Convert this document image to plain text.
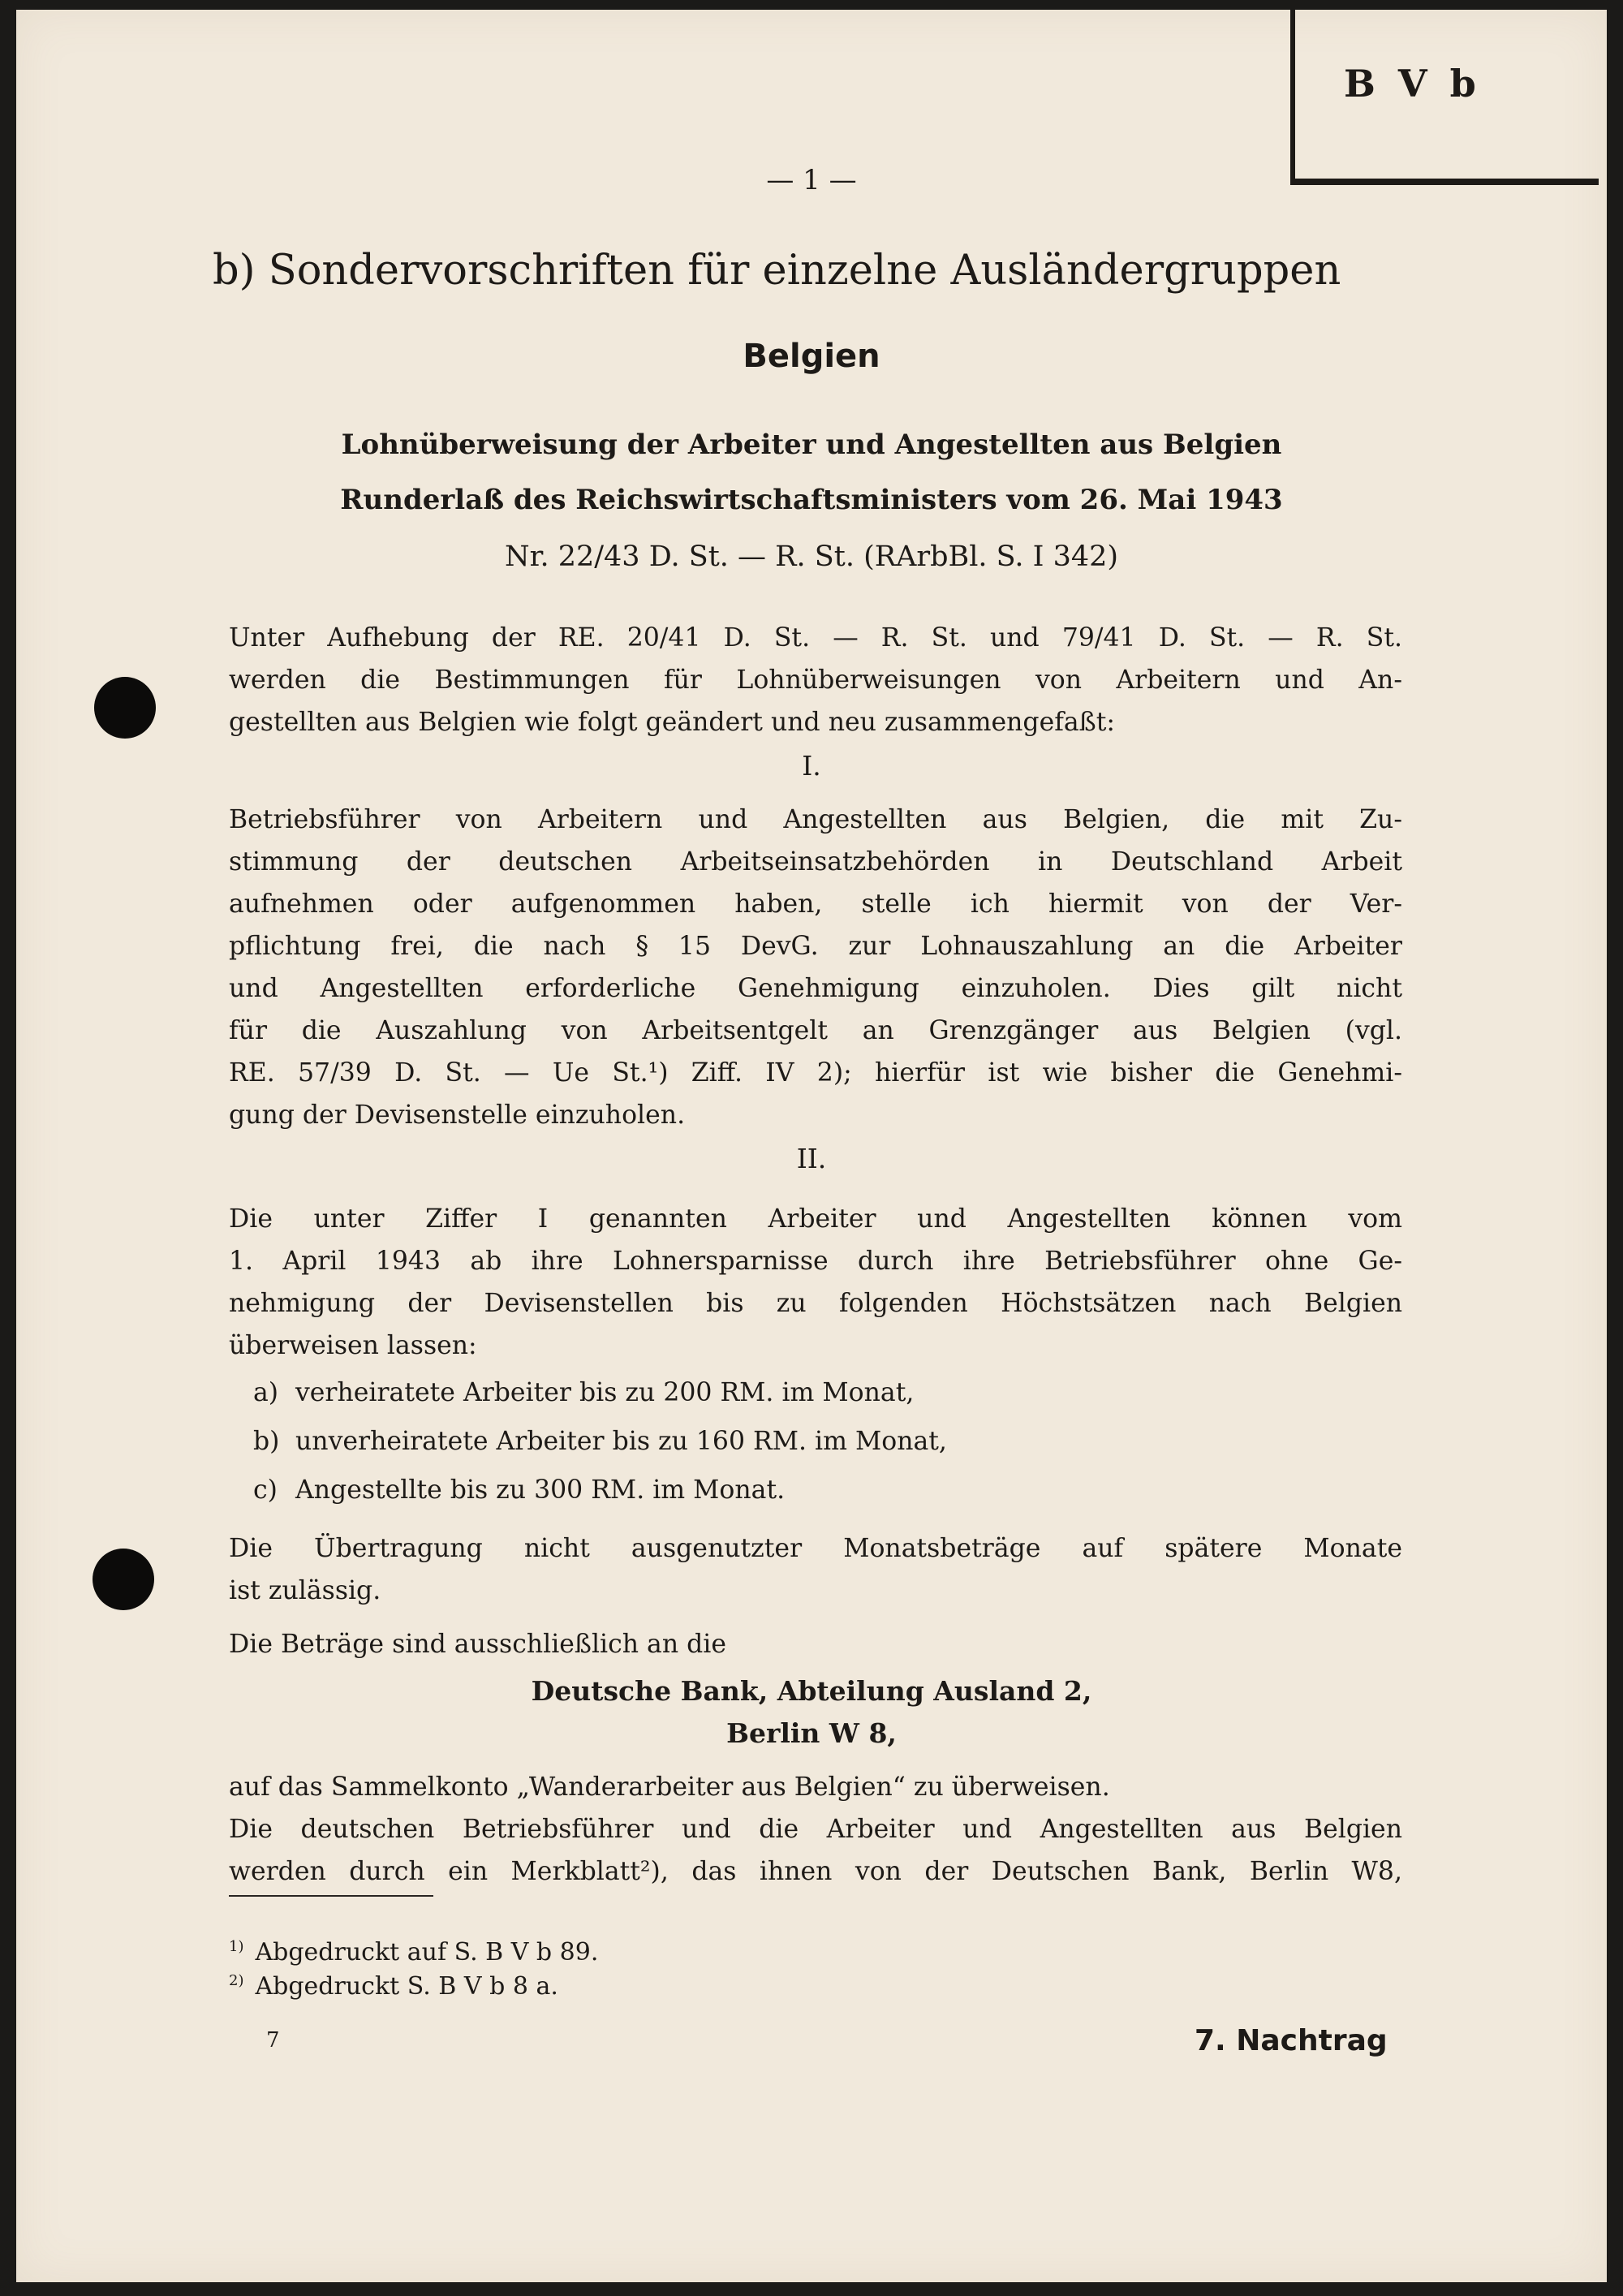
B V b
— 1 —
b) Sondervorschriften für einzelne Ausländergruppen
Belgien
Lohnüberweisung der Arbeiter und Angestellten aus Belgien
Runderlaß des Reichswirtschaftsministers vom 26. Mai 1943
Nr. 22/43 D. St. — R. St. (RArbBl. S. I 342)
Unter Aufhebung der RE. 20/41 D. St. — R. St. und 79/41 D. St. — R. St.
werden die Bestimmungen für Lohnüberweisungen von Arbeitern und An-
gestellten aus Belgien wie folgt geändert und neu zusammengefaßt:
I.
Betriebsführer von Arbeitern und Angestellten aus Belgien, die mit Zu-
stimmung der deutschen Arbeitseinsatzbehörden in Deutschland Arbeit
aufnehmen oder aufgenommen haben, stelle ich hiermit von der Ver-
pflichtung frei, die nach § 15 DevG. zur Lohnauszahlung an die Arbeiter
und Angestellten erforderliche Genehmigung einzuholen. Dies gilt nicht
für die Auszahlung von Arbeitsentgelt an Grenzgänger aus Belgien (vgl.
RE. 57/39 D. St. — Ue St.¹) Ziff. IV 2); hierfür ist wie bisher die Genehmi-
gung der Devisenstelle einzuholen.
II.
Die unter Ziffer I genannten Arbeiter und Angestellten können vom
1. April 1943 ab ihre Lohnersparnisse durch ihre Betriebsführer ohne Ge-
nehmigung der Devisenstellen bis zu folgenden Höchstsätzen nach Belgien
überweisen lassen:
a) verheiratete Arbeiter bis zu 200 RM. im Monat,
b) unverheiratete Arbeiter bis zu 160 RM. im Monat,
c) Angestellte bis zu 300 RM. im Monat.
Die Übertragung nicht ausgenutzter Monatsbeträge auf spätere Monate
ist zulässig.
Die Beträge sind ausschließlich an die
Deutsche Bank, Abteilung Ausland 2,
Berlin W 8,
auf das Sammelkonto „Wanderarbeiter aus Belgien“ zu überweisen.
Die deutschen Betriebsführer und die Arbeiter und Angestellten aus Belgien
werden durch ein Merkblatt²), das ihnen von der Deutschen Bank, Berlin W8,
$^{1)}$ Abgedruckt auf S. B V b 89.
$^{2)}$ Abgedruckt S. B V b 8 a.
7	7. Nachtrag
